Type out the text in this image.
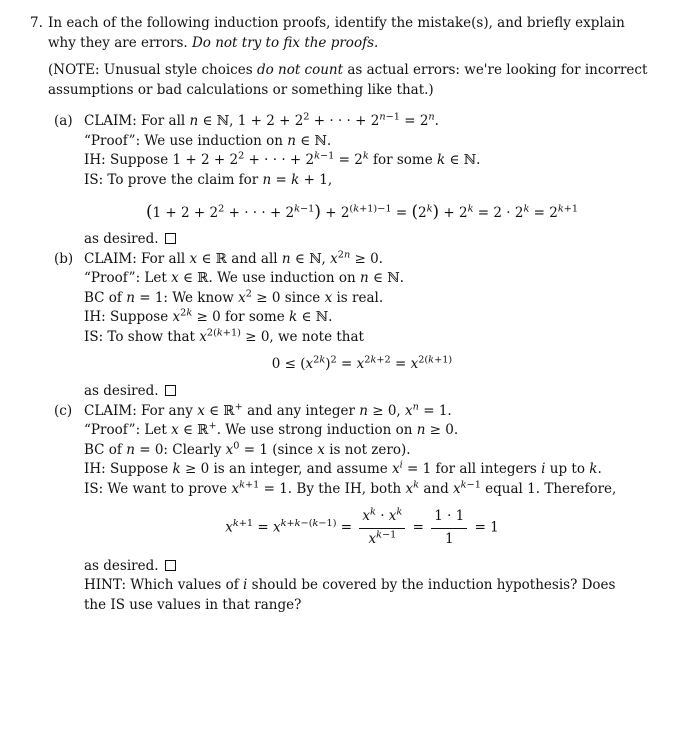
7. In each of the following induction proofs, identify the mistake(s), and briefly explain
why they are errors. Do not try to fix the proofs.
(NOTE: Unusual style choices do not count as actual errors: we're looking for incorrect
assumptions or bad calculations or something like that.)
(a) CLAIM: For all n ∈ ℕ, $1 + 2 + 2^2$ + · · · + $2^{n-1} = 2^n$.
“Proof”: We use induction on n ∈ ℕ.
IH: Suppose $1 + 2 + 2^2$ + · · · + $2^{k-1} = 2^k$ for some k ∈ ℕ.
IS: To prove the claim for n = k + 1,
($1 + 2 + 2^2$ + · · · + $2^{k-1}) + 2^{(k+1)-1} = (2^k) + 2^k = 2 \cdot 2^k = 2^{k+1}$
as desired.
(b) CLAIM: For all x ∈ ℝ and all n ∈ ℕ, $x^{2n} \ge 0$.
“Proof”: Let x ∈ ℝ. We use induction on n ∈ ℕ.
BC of n = 1: We know $x^2 \ge 0$ since x is real.
IH: Suppose $x^{2k} \ge 0$ for some k ∈ ℕ.
IS: To show that $x^{2(k+1)} \ge 0$, we note that
$0 \le (x^{2k})^2 = x^{2k+2} = x^{2(k+1)}$
as desired.
(c) CLAIM: For any x ∈ ℝ+ and any integer n ≥ 0, $x^n = 1$.
“Proof”: Let x ∈ ℝ+. We use strong induction on n ≥ 0.
BC of n = 0: Clearly $x^0 = 1$ (since x is not zero).
IH: Suppose k ≥ 0 is an integer, and assume $x^i = 1$ for all integers i up to k.
IS: We want to prove $x^{k+1} = 1$. By the IH, both $x^k$ and $x^{k-1}$ equal 1. Therefore,
$x^{k+1} = x^{k+k-(k-1)} = \frac{x^k \cdot x^k}{x^{k-1}} = \frac{1 \cdot 1}{1} = 1$
as desired.
HINT: Which values of i should be covered by the induction hypothesis? Does
the IS use values in that range?
